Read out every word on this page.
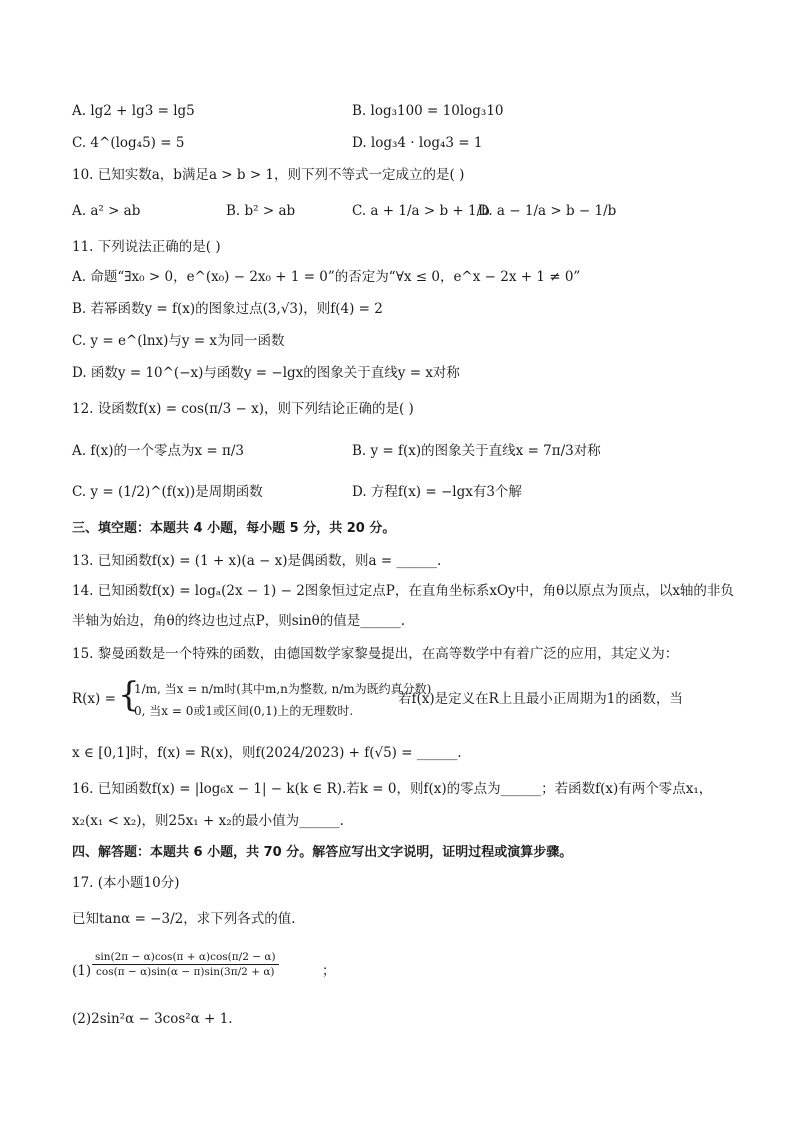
A. lg2 + lg3 = lg5	B. log₃100 = 10log₃10
C. 4^(log₄5) = 5	D. log₃4 · log₄3 = 1
10. 已知实数a，b满足a > b > 1，则下列不等式一定成立的是( )
A. a² > ab	B. b² > ab	C. a + 1/a > b + 1/b
D. a − 1/a > b − 1/b
11. 下列说法正确的是( )
A. 命题“∃x₀ > 0，e^(x₀) − 2x₀ + 1 = 0”的否定为“∀x ≤ 0，e^x − 2x + 1 ≠ 0”
B. 若幂函数y = f(x)的图象过点(3,√3)，则f(4) = 2
C. y = e^(lnx)与y = x为同一函数
D. 函数y = 10^(−x)与函数y = −lgx的图象关于直线y = x对称
12. 设函数f(x) = cos(π/3 − x)，则下列结论正确的是( )
A. f(x)的一个零点为x = π/3	B. y = f(x)的图象关于直线x = 7π/3对称
C. y = (1/2)^(f(x))是周期函数	D. 方程f(x) = −lgx有3个解
三、填空题：本题共 4 小题，每小题 5 分，共 20 分。
13. 已知函数f(x) = (1 + x)(a − x)是偶函数，则a = ______.
14. 已知函数f(x) = logₐ(2x − 1) − 2图象恒过定点P，在直角坐标系xOy中，角θ以原点为顶点，以x轴的非负
半轴为始边，角θ的终边也过点P，则sinθ的值是______.
15. 黎曼函数是一个特殊的函数，由德国数学家黎曼提出，在高等数学中有着广泛的应用，其定义为：
R(x) = {
1/m, 当x = n/m时(其中m,n为整数, n/m为既约真分数)
0, 当x = 0或1或区间(0,1)上的无理数时.
若f(x)是定义在R上且最小正周期为1的函数，当
x ∈ [0,1]时，f(x) = R(x)，则f(2024/2023) + f(√5) = ______.
16. 已知函数f(x) = |log₆x − 1| − k(k ∈ R).若k = 0，则f(x)的零点为______；若函数f(x)有两个零点x₁，
x₂(x₁ < x₂)，则25x₁ + x₂的最小值为______.
四、解答题：本题共 6 小题，共 70 分。解答应写出文字说明，证明过程或演算步骤。
17. (本小题10分)
已知tanα = −3/2，求下列各式的值.
$(1) \frac{\sin(2\pi - \alpha)\cos(\pi + \alpha)\cos(\pi/2 - \alpha)}{\cos(\pi - \alpha)\sin(\alpha - \pi)\sin(3\pi/2 + \alpha)}$	；
(2)2sin²α − 3cos²α + 1.
